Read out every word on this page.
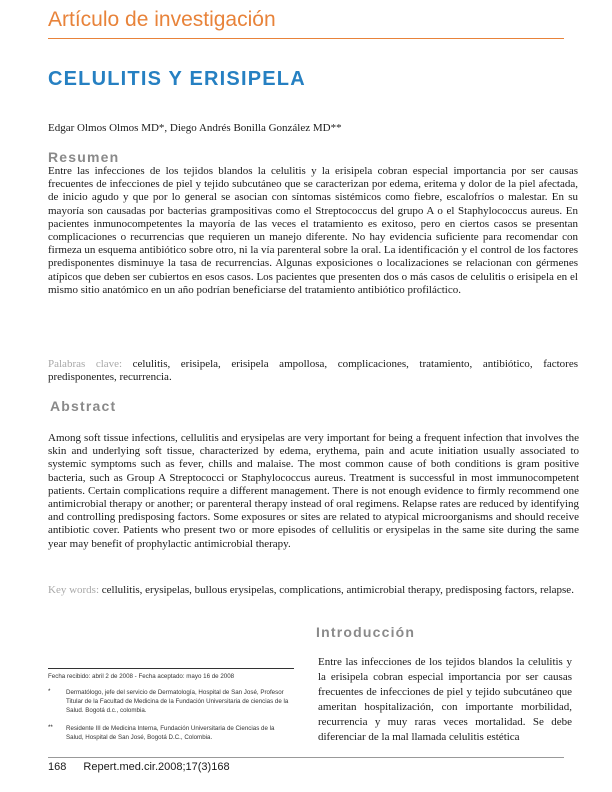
Artículo de investigación
CELULITIS Y ERISIPELA
Edgar Olmos Olmos MD*, Diego Andrés Bonilla González MD**
Resumen
Entre las infecciones de los tejidos blandos la celulitis y la erisipela cobran especial importancia por ser causas frecuentes de infecciones de piel y tejido subcutáneo que se caracterizan por edema, eritema y dolor de la piel afectada, de inicio agudo y que por lo general se asocian con síntomas sistémicos como fiebre, escalofríos o malestar. En su mayoría son causadas por bacterias grampositivas como el Streptococcus del grupo A o el Staphylococcus aureus. En pacientes inmunocompetentes la mayoría de las veces el tratamiento es exitoso, pero en ciertos casos se presentan complicaciones o recurrencias que requieren un manejo diferente. No hay evidencia suficiente para recomendar con firmeza un esquema antibiótico sobre otro, ni la vía parenteral sobre la oral. La identificación y el control de los factores predisponentes disminuye la tasa de recurrencias. Algunas exposiciones o localizaciones se relacionan con gérmenes atípicos que deben ser cubiertos en esos casos. Los pacientes que presenten dos o más casos de celulitis o erisipela en el mismo sitio anatómico en un año podrían beneficiarse del tratamiento antibiótico profiláctico.
Palabras clave: celulitis, erisipela, erisipela ampollosa, complicaciones, tratamiento, antibiótico, factores predisponentes, recurrencia.
Abstract
Among soft tissue infections, cellulitis and erysipelas are very important for being a frequent infection that involves the skin and underlying soft tissue, characterized by edema, erythema, pain and acute initiation usually associated to systemic symptoms such as fever, chills and malaise. The most common cause of both conditions is gram positive bacteria, such as Group A Streptococci or Staphylococcus aureus. Treatment is successful in most immunocompetent patients. Certain complications require a different management. There is not enough evidence to firmly recommend one antimicrobial therapy or another; or parenteral therapy instead of oral regimens. Relapse rates are reduced by identifying and controlling predisposing factors. Some exposures or sites are related to atypical microorganisms and should receive antibiotic cover. Patients who present two or more episodes of cellulitis or erysipelas in the same site during the same year may benefit of prophylactic antimicrobial therapy.
Key words: cellulitis, erysipelas, bullous erysipelas, complications, antimicrobial therapy, predisposing factors, relapse.
Fecha recibido: abril 2 de 2008 - Fecha aceptado: mayo 16 de 2008
*	Dermatólogo, jefe del servicio de Dermatología, Hospital de San José, Profesor Titular de la Facultad de Medicina de la Fundación Universitaria de ciencias de la Salud. Bogotá d.c., colombia.
** Residente III de Medicina Interna, Fundación Universitaria de Ciencias de la Salud, Hospital de San José, Bogotá D.C., Colombia.
Introducción
Entre las infecciones de los tejidos blandos la celulitis y la erisipela cobran especial importancia por ser causas frecuentes de infecciones de piel y tejido subcutáneo que ameritan hospitalización, con importante morbilidad, recurrencia y muy raras veces mortalidad. Se debe diferenciar de la mal llamada celulitis estética
168 Repert.med.cir.2008;17(3)168
